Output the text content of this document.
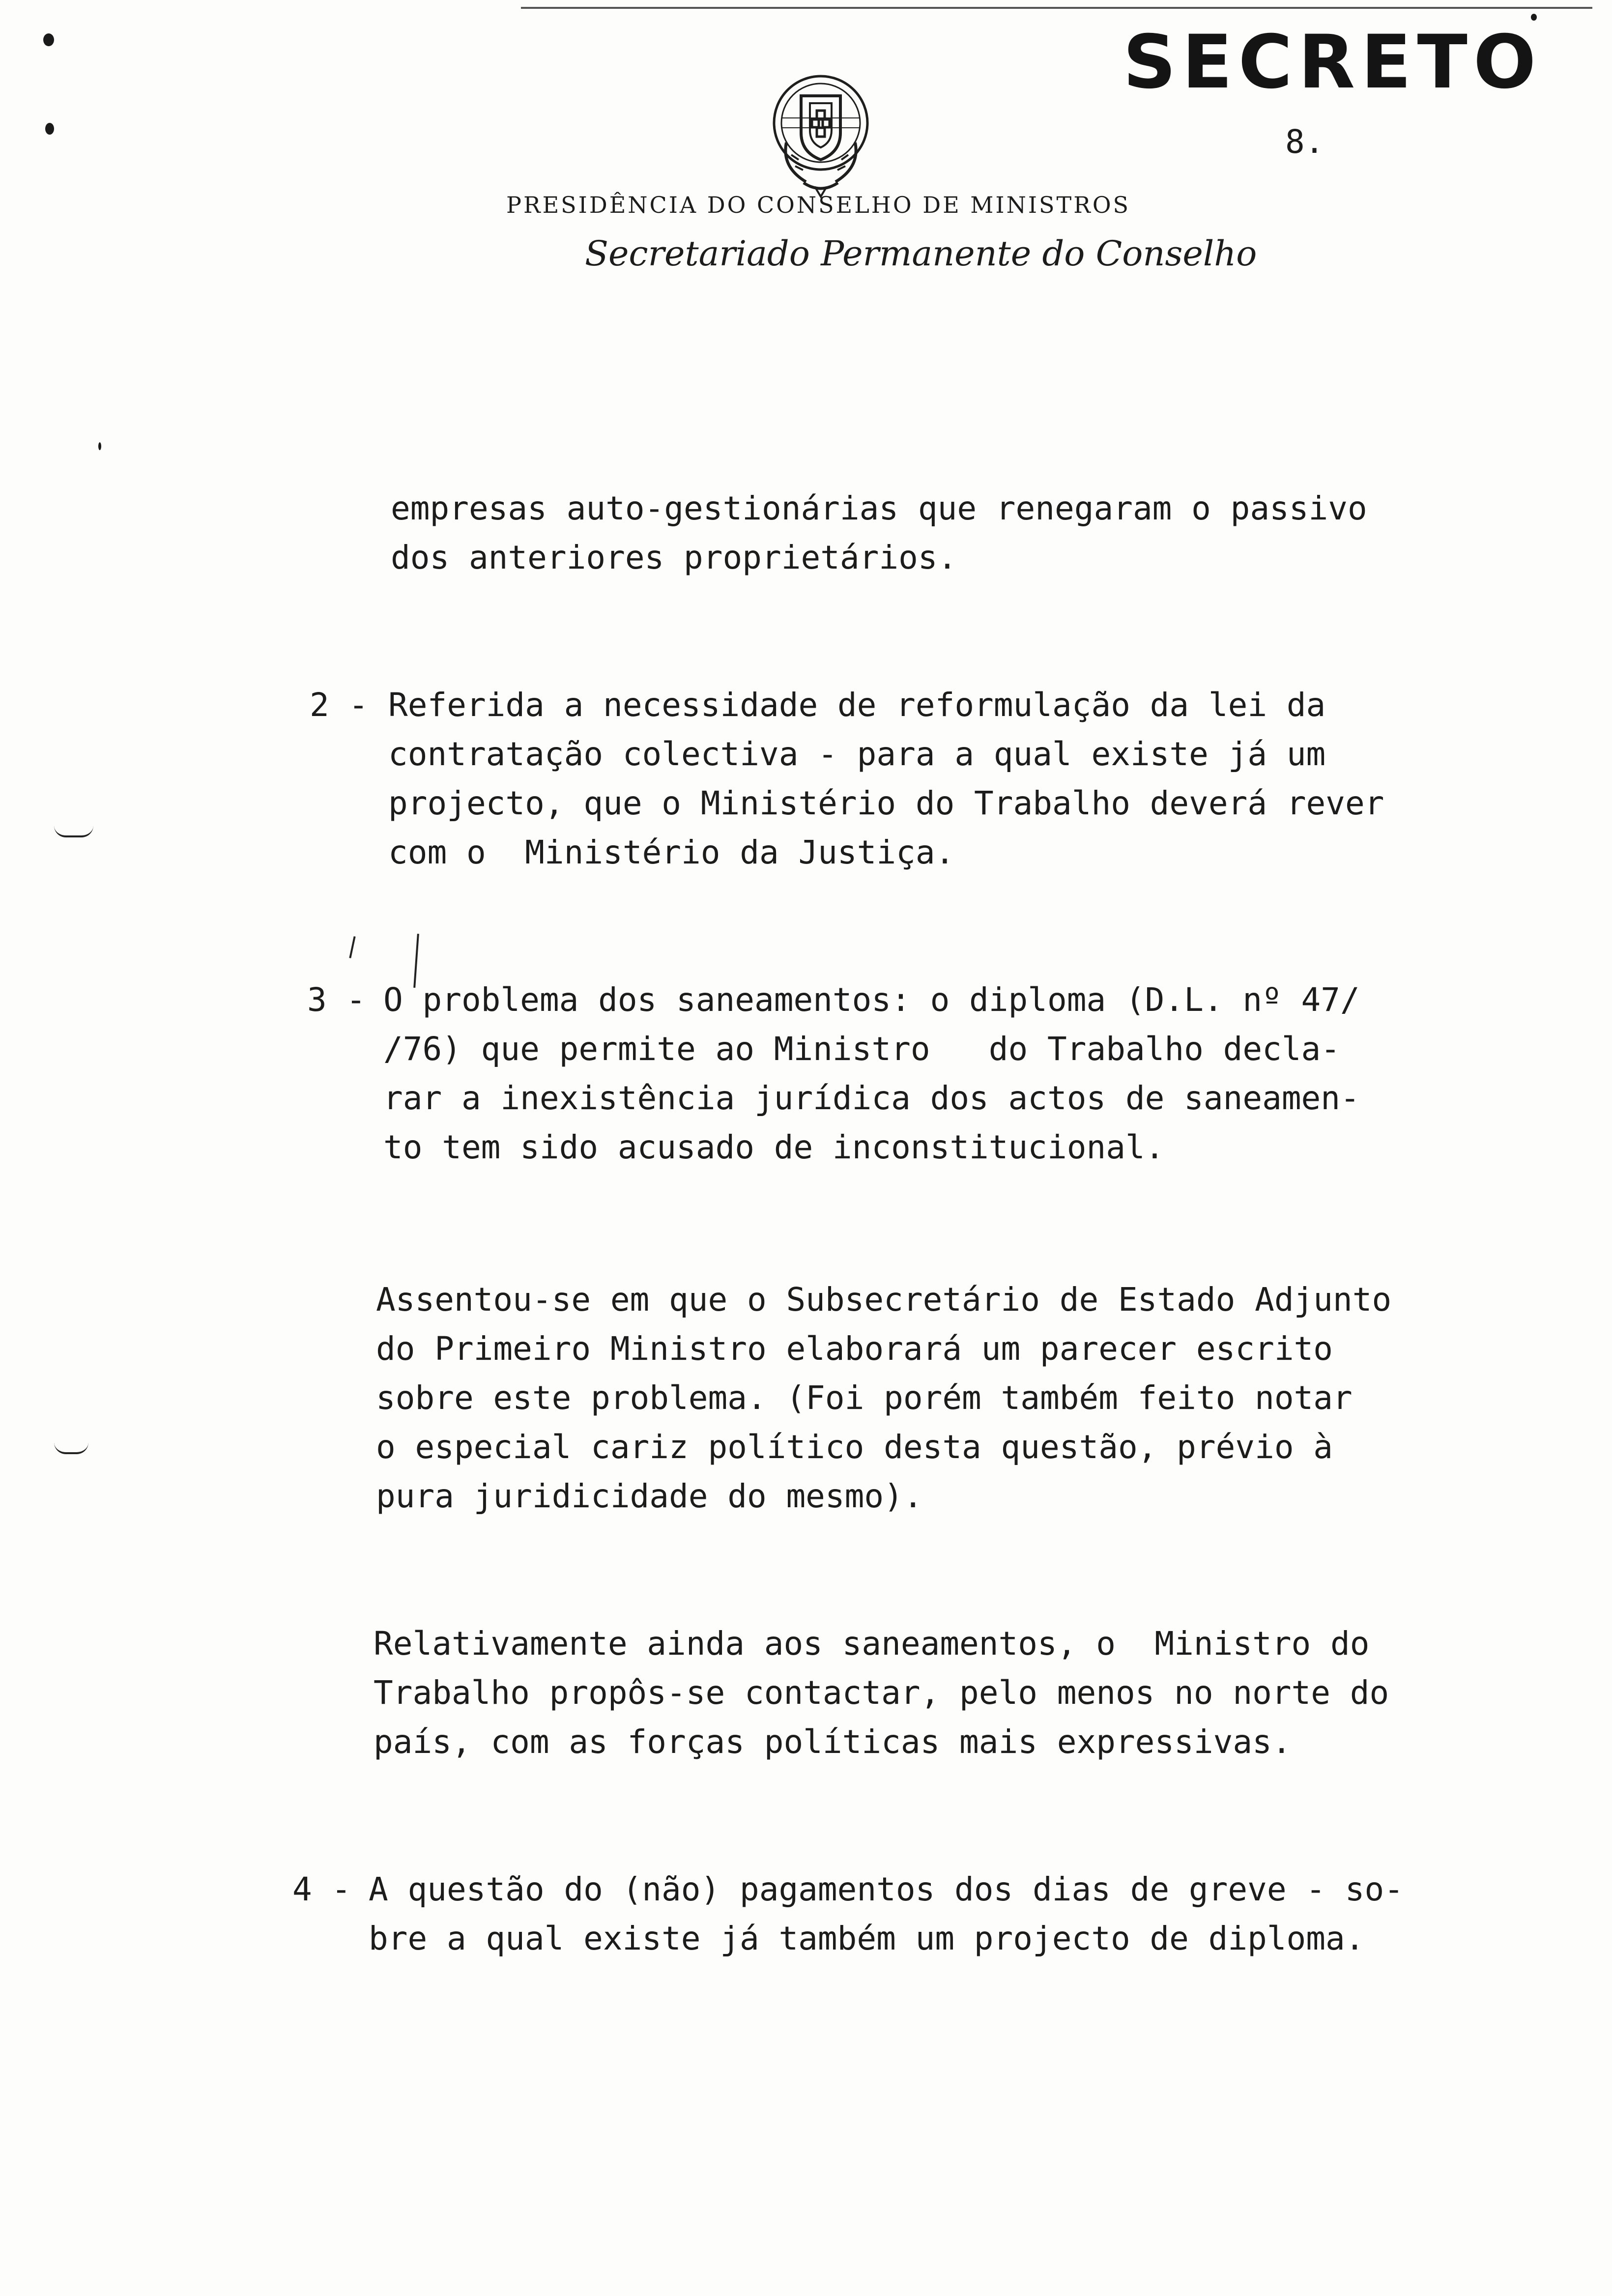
SECRETO
8.
PRESIDÊNCIA DO CONSELHO DE MINISTROS
Secretariado Permanente do Conselho
empresas auto-gestionárias que renegaram o passivo
dos anteriores proprietários.
2 - Referida a necessidade de reformulação da lei da
contratação colectiva - para a qual existe já um
projecto, que o Ministério do Trabalho deverá rever
com o  Ministério da Justiça.
3 - O problema dos saneamentos: o diploma (D.L. nº 47/
/76) que permite ao Ministro   do Trabalho decla-
rar a inexistência jurídica dos actos de saneamen-
to tem sido acusado de inconstitucional.
Assentou-se em que o Subsecretário de Estado Adjunto
do Primeiro Ministro elaborará um parecer escrito
sobre este problema. (Foi porém também feito notar
o especial cariz político desta questão, prévio à
pura juridicidade do mesmo).
Relativamente ainda aos saneamentos, o  Ministro do
Trabalho propôs-se contactar, pelo menos no norte do
país, com as forças políticas mais expressivas.
4 - A questão do (não) pagamentos dos dias de greve - so-
bre a qual existe já também um projecto de diploma.
